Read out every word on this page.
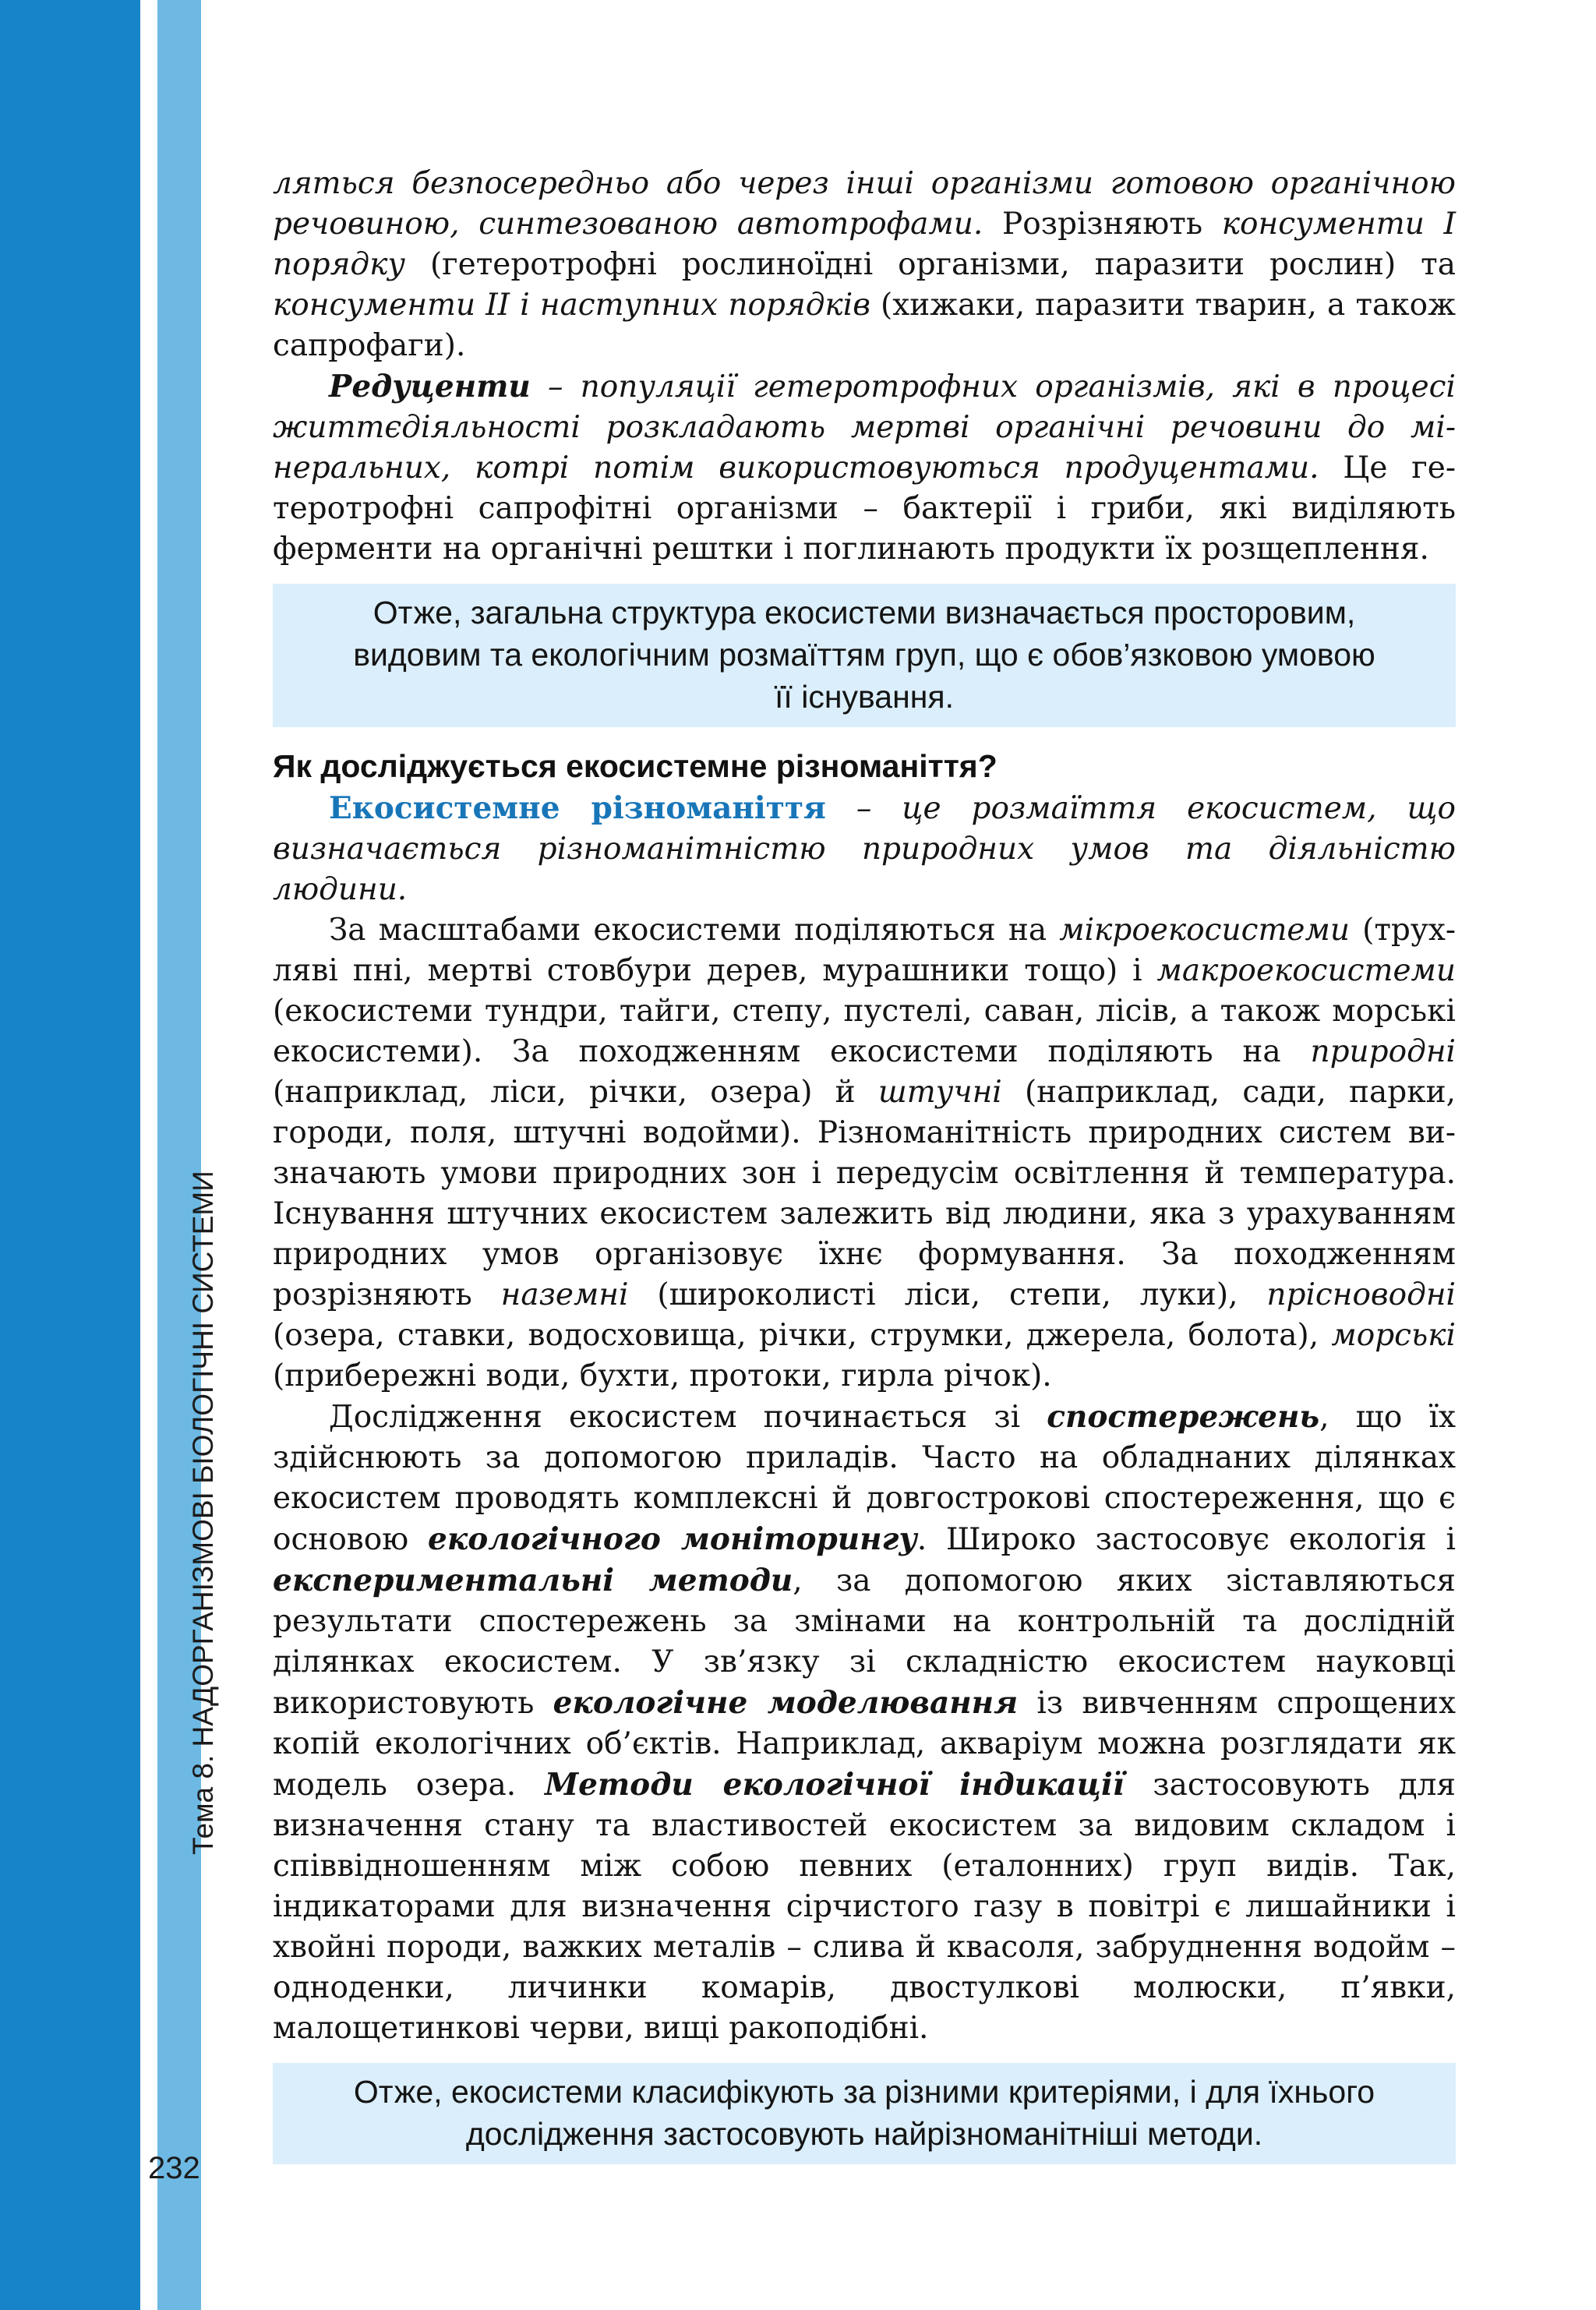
Тема 8. НАДОРГАНІЗМОВІ БІОЛОГІЧНІ СИСТЕМИ
232

ляться безпосередньо або через інші організми готовою органічною речовиною, синтезованою автотрофами. Розрізняють консументи I порядку (гетеротрофні рослиноїдні організми, паразити рослин) та консументи II і наступних порядків (хижаки, паразити тварин, а також сапрофаги).

Редуценти – популяції гетеротрофних організмів, які в процесі життєдіяльності розкладають мертві органічні речовини до мінеральних, котрі потім використовуються продуцентами. Це гетеротрофні сапрофітні організми – бактерії і гриби, які виділяють ферменти на органічні рештки і поглинають продукти їх розщеплення.

Отже, загальна структура екосистеми визначається просторовим,
видовим та екологічним розмаїттям груп, що є обов’язковою умовою
її існування.
Як досліджується екосистемне різноманіття?

Екосистемне різноманіття – це розмаїття екосистем, що визначається різноманітністю природних умов та діяльністю людини.

За масштабами екосистеми поділяються на мікроекосистеми (трухляві пні, мертві стовбури дерев, мурашники тощо) і макроекосистеми (екосистеми тундри, тайги, степу, пустелі, саван, лісів, а також морські екосистеми). За походженням екосистеми поділяють на природні (наприклад, ліси, річки, озера) й штучні (наприклад, сади, парки, городи, поля, штучні водойми). Різноманітність природних систем визначають умови природних зон і передусім освітлення й температура. Існування штучних екосистем залежить від людини, яка з урахуванням природних умов організовує їхнє формування. За походженням розрізняють наземні (широколисті ліси, степи, луки), прісноводні (озера, ставки, водосховища, річки, струмки, джерела, болота), морські (прибережні води, бухти, протоки, гирла річок).

Дослідження екосистем починається зі спостережень, що їх здійснюють за допомогою приладів. Часто на обладнаних ділянках екосистем проводять комплексні й довгострокові спостереження, що є основою екологічного моніторингу. Широко застосовує екологія і експериментальні методи, за допомогою яких зіставляються результати спостережень за змінами на контрольній та дослідній ділянках екосистем. У зв’язку зі складністю екосистем науковці використовують екологічне моделювання із вивченням спрощених копій екологічних об’єктів. Наприклад, акваріум можна розглядати як модель озера. Методи екологічної індикації застосовують для визначення стану та властивостей екосистем за видовим складом і співвідношенням між собою певних (еталонних) груп видів. Так, індикаторами для визначення сірчистого газу в повітрі є лишайники і хвойні породи, важких металів – слива й квасоля, забруднення водойм – одноденки, личинки комарів, двостулкові молюски, п’явки, малощетинкові черви, вищі ракоподібні.

Отже, екосистеми класифікують за різними критеріями, і для їхнього
дослідження застосовують найрізноманітніші методи.
